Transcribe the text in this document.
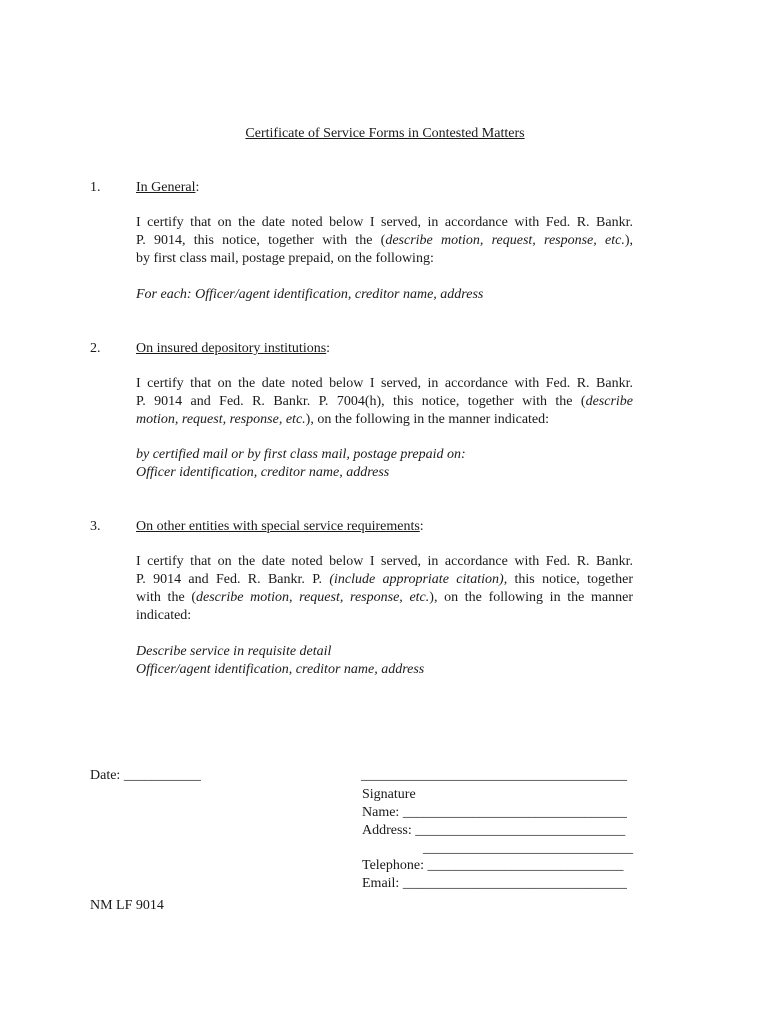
Certificate of Service Forms in Contested Matters
1.	In General:
I certify that on the date noted below I served, in accordance with Fed. R. Bankr.
P. 9014, this notice, together with the (describe motion, request, response, etc.),
by first class mail, postage prepaid, on the following:
For each: Officer/agent identification, creditor name, address
2.	On insured depository institutions:
I certify that on the date noted below I served, in accordance with Fed. R. Bankr.
P. 9014 and Fed. R. Bankr. P. 7004(h), this notice, together with the (describe
motion, request, response, etc.), on the following in the manner indicated:
by certified mail or by first class mail, postage prepaid on:
Officer identification, creditor name, address
3.	On other entities with special service requirements:
I certify that on the date noted below I served, in accordance with Fed. R. Bankr.
P. 9014 and Fed. R. Bankr. P. (include appropriate citation), this notice, together
with the (describe motion, request, response, etc.), on the following in the manner
indicated:
Describe service in requisite detail
Officer/agent identification, creditor name, address
Date: ___________	______________________________________
Signature
Name: ________________________________
Address: ______________________________
______________________________
Telephone: ____________________________
Email: ________________________________
NM LF 9014
